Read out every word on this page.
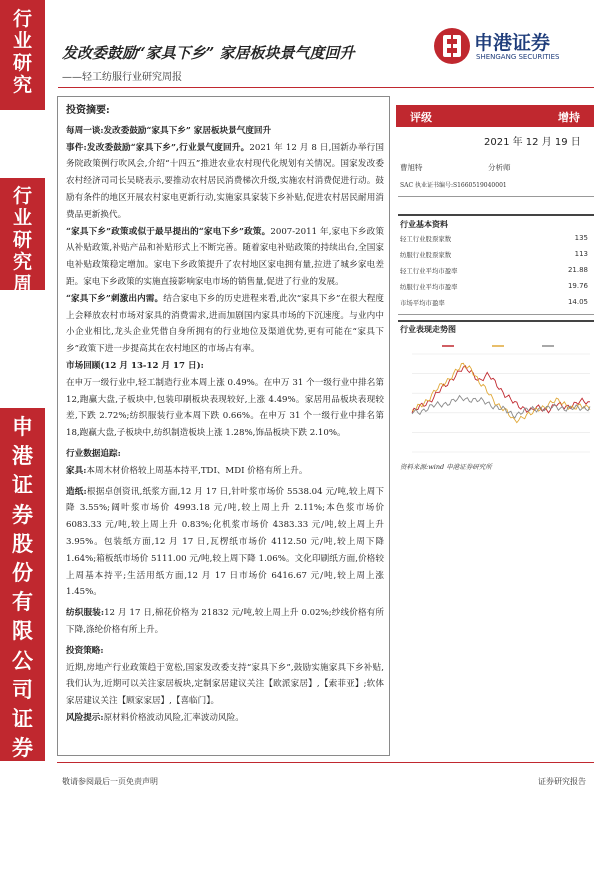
行
业
研
究
行
业
研
究
周
报
申
港
证
券
股
份
有
限
公
司
证
券
研
究
报
告
发改委鼓励“家具下乡” 家居板块景气度回升
——轻工纺服行业研究周报
申港证券
SHENGANG SECURITIES

投资摘要:

每周一谈:发改委鼓励“家具下乡” 家居板块景气度回升

事件:发改委鼓励“家具下乡”,行业景气度回升。2021 年 12 月 8 日,国新办举行国务院政策例行吹风会,介绍“十四五”推进农业农村现代化规划有关情况。国家发改委农村经济司司长吴晓表示,要推动农村居民消费梯次升级,实施农村消费促进行动。鼓励有条件的地区开展农村家电更新行动,实施家具家装下乡补贴,促进农村居民耐用消费品更新换代。

“家具下乡”政策或似于最早提出的“家电下乡”政策。2007-2011 年,家电下乡政策从补贴政策,补贴产品和补贴形式上不断完善。随着家电补贴政策的持续出台,全国家电补贴政策稳定增加。家电下乡政策提升了农村地区家电拥有量,拉进了城乡家电差距。家电下乡政策的实施直接影响家电市场的销售量,促进了行业的发展。

“家具下乡”刺激出内需。结合家电下乡的历史进程来看,此次“家具下乡”在很大程度上会释放农村市场对家具的消费需求,进而加剧国内家具市场的下沉速度。与业内中小企业相比,龙头企业凭借自身所拥有的行业地位及渠道优势,更有可能在“家具下乡”政策下进一步提高其在农村地区的市场占有率。

市场回顾(12 月 13-12 月 17 日):

在申万一级行业中,轻工制造行业本周上涨 0.49%。在申万 31 个一级行业中排名第 12,跑赢大盘,子板块中,包装印刷板块表现较好,上涨 4.49%。家居用品板块表现较差,下跌 2.72%;纺织服装行业本周下跌 0.66%。在申万 31 个一级行业中排名第 18,跑赢大盘,子板块中,纺织制造板块上涨 1.28%,饰品板块下跌 2.10%。

行业数据追踪:

家具:本周木材价格较上周基本持平,TDI、MDI 价格有所上升。

造纸:根据卓创资讯,纸浆方面,12 月 17 日,针叶浆市场价 5538.04 元/吨,较上周下降 3.55%;阔叶浆市场价 4993.18 元/吨,较上周上升 2.11%;本色浆市场价 6083.33 元/吨,较上周上升 0.83%;化机浆市场价 4383.33 元/吨,较上周上升 3.95%。包装纸方面,12 月 17 日,瓦楞纸市场价 4112.50 元/吨,较上周下降 1.64%;箱板纸市场价 5111.00 元/吨,较上周下降 1.06%。文化印刷纸方面,价格较上周基本持平;生活用纸方面,12 月 17 日市场价 6416.67 元/吨,较上周上涨 1.45%。

纺织服装:12 月 17 日,棉花价格为 21832 元/吨,较上周上升 0.02%;纱线价格有所下降,涤纶价格有所上升。

投资策略:

近期,房地产行业政策趋于宽松,国家发改委支持“家具下乡”,鼓励实施家具下乡补贴,我们认为,近期可以关注家居板块,定制家居建议关注【欧派家居】,【索菲亚】;软体家居建议关注【顾家家居】,【喜临门】。

风险提示:原材料价格波动风险,汇率波动风险。

评级	增持
2021 年 12 月 19 日
曹旭特	分析师
SAC 执业证书编号:S1660519040001
行业基本资料
轻工行业股票家数	135
纺服行业股票家数	113
轻工行业平均市盈率	21.88
纺服行业平均市盈率	19.76
市场平均市盈率	14.05
行业表现走势图
资料来源:wind 申港证券研究所
敬请参阅最后一页免责声明	证券研究报告
